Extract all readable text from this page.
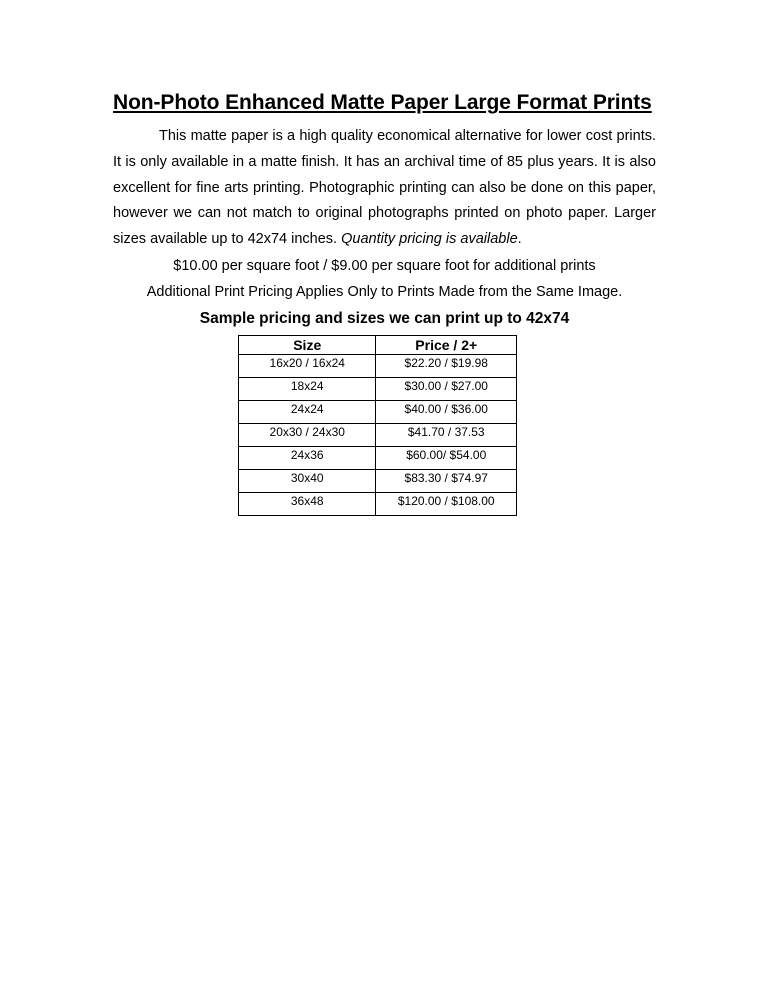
Non-Photo Enhanced Matte Paper Large Format Prints

This matte paper is a high quality economical alternative for lower cost prints. It is only available in a matte finish. It has an archival time of 85 plus years. It is also excellent for fine arts printing. Photographic printing can also be done on this paper, however we can not match to original photographs printed on photo paper. Larger sizes available up to 42x74 inches. Quantity pricing is available.

$10.00 per square foot / $9.00 per square foot for additional prints

Additional Print Pricing Applies Only to Prints Made from the Same Image.

Sample pricing and sizes we can print up to 42x74
Size	Price / 2+
16x20 / 16x24	$22.20 / $19.98
18x24	$30.00 / $27.00
24x24	$40.00 / $36.00
20x30 / 24x30	$41.70 / 37.53
24x36	$60.00/ $54.00
30x40	$83.30 / $74.97
36x48	$120.00 / $108.00
